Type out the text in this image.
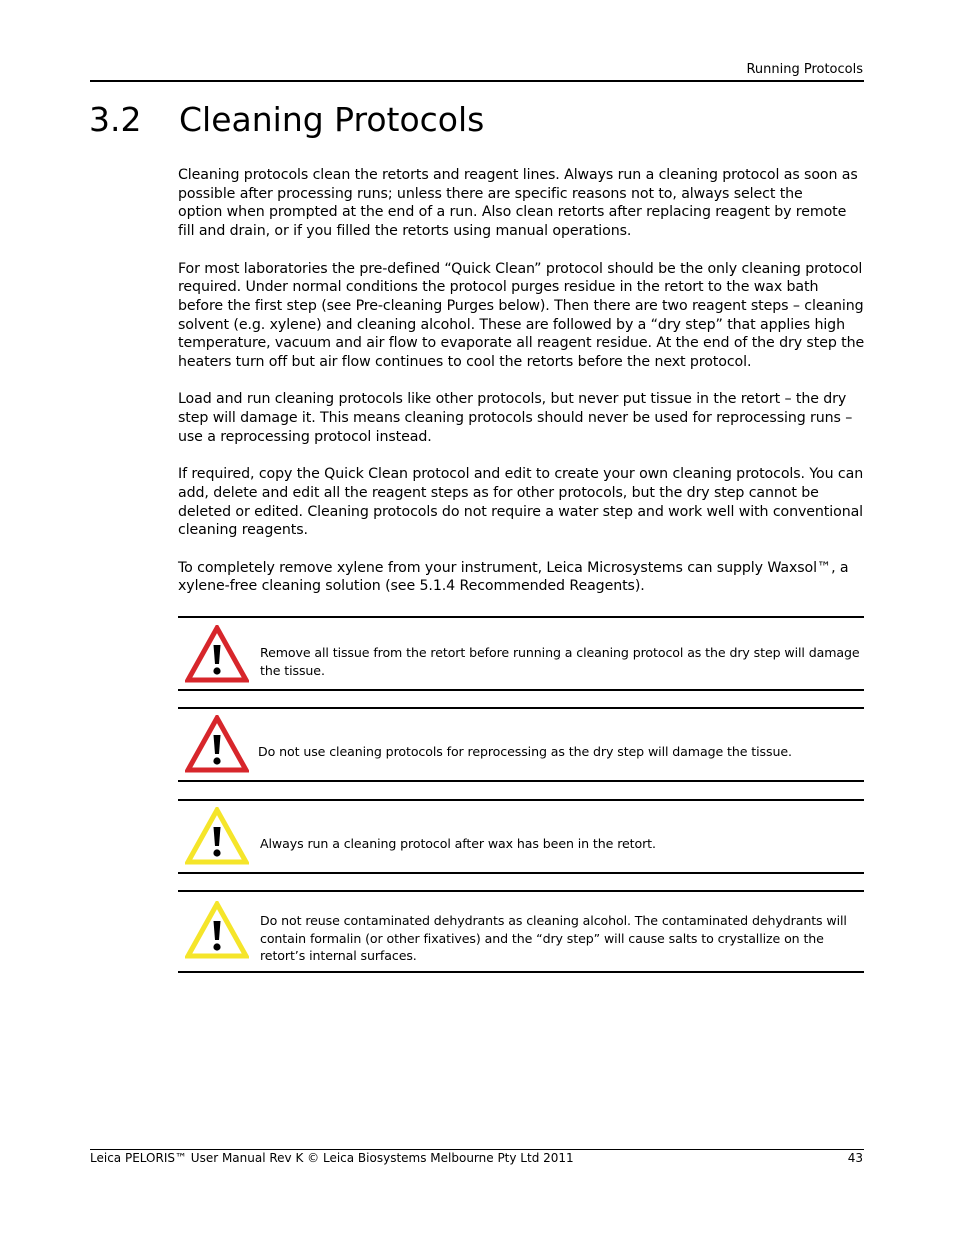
Running Protocols
3.2 Cleaning Protocols

Cleaning protocols clean the retorts and reagent lines. Always run a cleaning protocol as soon as possible after processing runs; unless there are specific reasons not to, always select the option when prompted at the end of a run. Also clean retorts after replacing reagent by remote fill and drain, or if you filled the retorts using manual operations.

For most laboratories the pre-defined “Quick Clean” protocol should be the only cleaning protocol required. Under normal conditions the protocol purges residue in the retort to the wax bath before the first step (see Pre-cleaning Purges below). Then there are two reagent steps – cleaning solvent (e.g. xylene) and cleaning alcohol. These are followed by a “dry step” that applies high temperature, vacuum and air flow to evaporate all reagent residue. At the end of the dry step the heaters turn off but air flow continues to cool the retorts before the next protocol.

Load and run cleaning protocols like other protocols, but never put tissue in the retort – the dry step will damage it. This means cleaning protocols should never be used for reprocessing runs – use a reprocessing protocol instead.

If required, copy the Quick Clean protocol and edit to create your own cleaning protocols. You can add, delete and edit all the reagent steps as for other protocols, but the dry step cannot be deleted or edited. Cleaning protocols do not require a water step and work well with conventional cleaning reagents.

To completely remove xylene from your instrument, Leica Microsystems can supply Waxsol™, a xylene-free cleaning solution (see 5.1.4 Recommended Reagents).

Remove all tissue from the retort before running a cleaning protocol as the dry step will damage the tissue.
Do not use cleaning protocols for reprocessing as the dry step will damage the tissue.
Always run a cleaning protocol after wax has been in the retort.
Do not reuse contaminated dehydrants as cleaning alcohol. The contaminated dehydrants will contain formalin (or other fixatives) and the “dry step” will cause salts to crystallize on the retort’s internal surfaces.
Leica PELORIS™ User Manual Rev K © Leica Biosystems Melbourne Pty Ltd 2011	43
